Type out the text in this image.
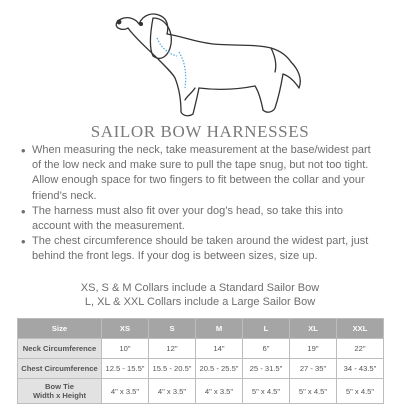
SAILOR BOW HARNESSES
• When measuring the neck, take measurement at the base/widest part of the low neck and make sure to pull the tape snug, but not too tight. Allow enough space for two fingers to fit between the collar and your friend’s neck.
• The harness must also fit over your dog’s head, so take this into account with the measurement.
• The chest circumference should be taken around the widest part, just behind the front legs. If your dog is between sizes, size up.
XS, S & M Collars include a Standard Sailor Bow
L, XL & XXL Collars include a Large Sailor Bow
Size	XS	S	M	L	XL	XXL
Neck Circumference	10"	12"	14"	6"	19"	22"
Chest Circumference	12.5 - 15.5"	15.5 - 20.5"	20.5 - 25.5"	25 - 31.5"	27 - 35"	34 - 43.5"
Bow Tie
Width x Height	4" x 3.5"	4" x 3.5"	4" x 3.5"	5" x 4.5"	5" x 4.5"	5" x 4.5"
